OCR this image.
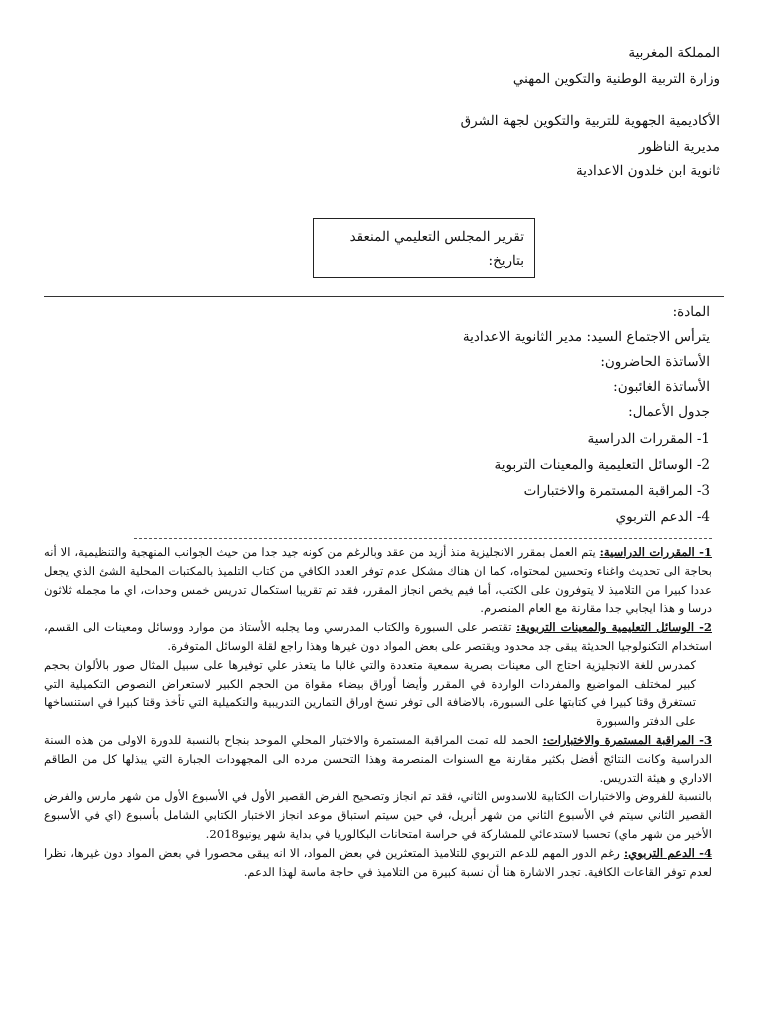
المملكة المغربية
وزارة التربية الوطنية والتكوين المهني
الأكاديمية الجهوية للتربية والتكوين لجهة الشرق
مديرية الناظور
ثانوية ابن خلدون الاعدادية
تقرير المجلس التعليمي المنعقد
بتاريخ:
المادة:
يترأس الاجتماع السيد: مدير الثانوية الاعدادية
الأساتذة الحاضرون:
الأساتذة الغائبون:
جدول الأعمال:
1- المقررات الدراسية
2- الوسائل التعليمية والمعينات التربوية
3- المراقبة المستمرة والاختبارات
4- الدعم التربوي

1- المقررات الدراسية: يتم العمل بمقرر الانجليزية منذ أزيد من عقد وبالرغم من كونه جيد جدا من حيث الجوانب المنهجية والتنظيمية، الا أنه بحاجة الى تحديث واغناء وتحسين لمحتواه، كما ان هناك مشكل عدم توفر العدد الكافي من كتاب التلميذ بالمكتبات المحلية الشئ الذي يجعل عددا كبيرا من التلاميذ لا يتوفرون على الكتب، أما فيم يخص انجاز المقرر، فقد تم تقريبا استكمال تدريس خمس وحدات، اي ما مجمله ثلاثون درسا و هذا ايجابي جدا مقارنة مع العام المنصرم.

2- الوسائل التعليمية والمعينات التربوية: تقتصر على السبورة والكتاب المدرسي وما يجلبه الأستاذ من موارد ووسائل ومعينات الى القسم، استخدام التكنولوجيا الحديثة يبقى جد محدود ويقتصر على بعض المواد دون غيرها وهذا راجع لقلة الوسائل المتوفرة.

كمدرس للغة الانجليزية احتاج الى معينات بصرية سمعية متعددة والتي غالبا ما يتعذر علي توفيرها على سبيل المثال صور بالألوان بحجم كبير لمختلف المواضيع والمفردات الواردة في المقرر وأيضا أوراق بيضاء مقواة من الحجم الكبير لاستعراض النصوص التكميلية التي تستغرق وقتا كبيرا في كتابتها على السبورة، بالاضافة الى توفر نسخ اوراق التمارين التدريبية والتكميلية التي تأخذ وقتا كبيرا في استنساخها على الدفتر والسبورة

3- المراقبة المستمرة والاختبارات: الحمد لله تمت المراقبة المستمرة والاختبار المحلي الموحد بنجاح بالنسبة للدورة الاولى من هذه السنة الدراسية وكانت النتائج أفضل بكثير مقارنة مع السنوات المنصرمة وهذا التحسن مرده الى المجهودات الجبارة التي يبذلها كل من الطاقم الاداري و هيئة التدريس.

بالنسبة للفروض والاختبارات الكتابية للاسدوس الثاني، فقد تم انجاز وتصحيح الفرض القصير الأول في الأسبوع الأول من شهر مارس والفرض القصير الثاني سيتم في الأسبوع الثاني من شهر أبريل، في حين سيتم استباق موعد انجاز الاختبار الكتابي الشامل بأسبوع (اي في الأسبوع الأخير من شهر ماي) تحسبا لاستدعائي للمشاركة في حراسة امتحانات البكالوريا في بداية شهر يونيو2018.

4- الدعم التربوي: رغم الدور المهم للدعم التربوي للتلاميذ المتعثرين في بعض المواد، الا انه يبقى محصورا في بعض المواد دون غيرها، نظرا لعدم توفر القاعات الكافية. تجدر الاشارة هنا أن نسبة كبيرة من التلاميذ في حاجة ماسة لهذا الدعم.
